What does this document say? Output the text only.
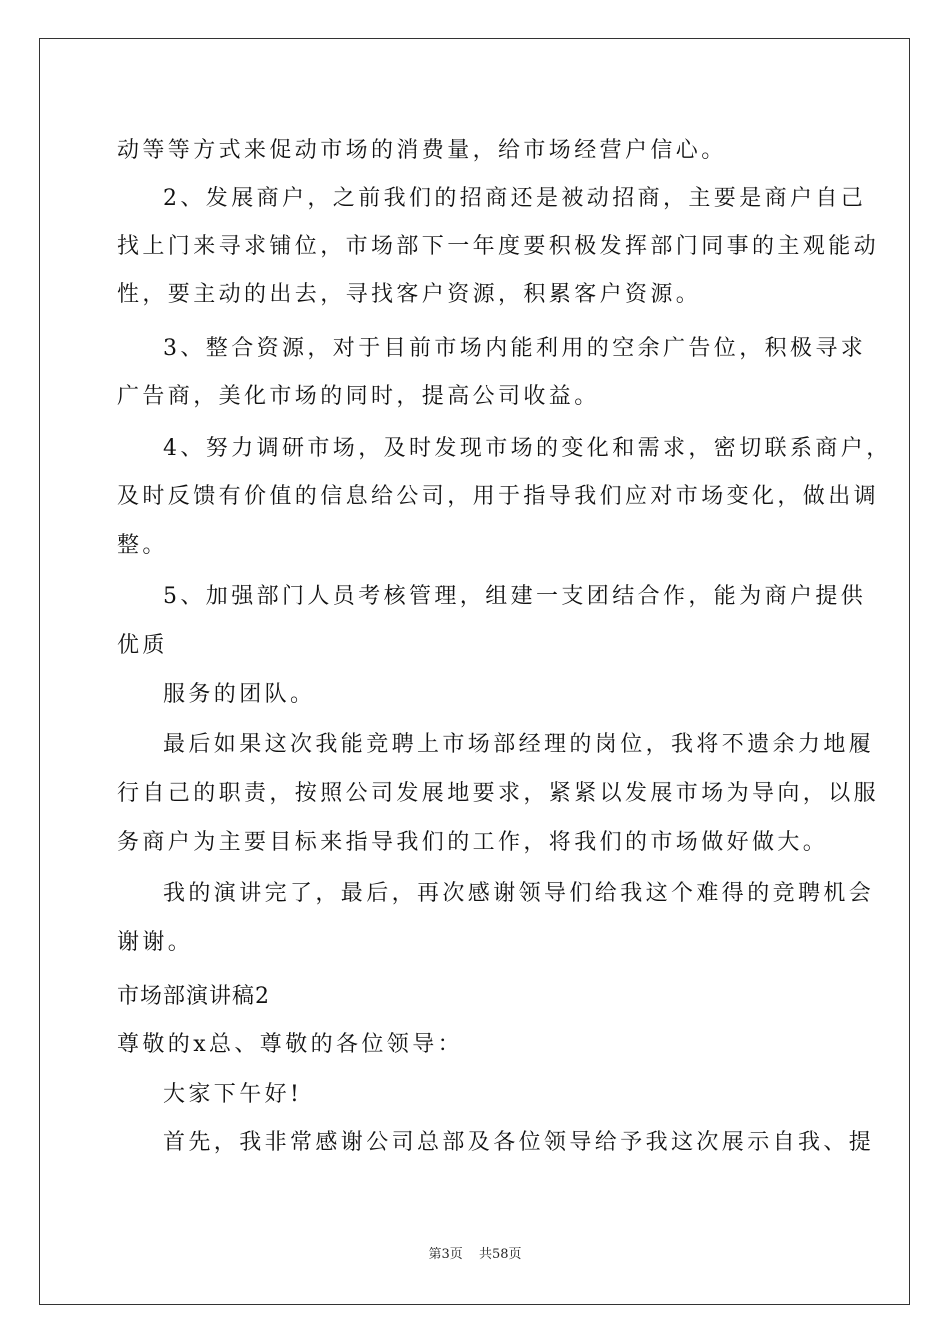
动等等方式来促动市场的消费量，给市场经营户信心。
2、发展商户，之前我们的招商还是被动招商，主要是商户自己
找上门来寻求铺位，市场部下一年度要积极发挥部门同事的主观能动
性，要主动的出去，寻找客户资源，积累客户资源。
3、整合资源，对于目前市场内能利用的空余广告位，积极寻求
广告商，美化市场的同时，提高公司收益。
4、努力调研市场，及时发现市场的变化和需求，密切联系商户，
及时反馈有价值的信息给公司，用于指导我们应对市场变化，做出调
整。
5、加强部门人员考核管理，组建一支团结合作，能为商户提供
优质
服务的团队。
最后如果这次我能竞聘上市场部经理的岗位，我将不遗余力地履
行自己的职责，按照公司发展地要求，紧紧以发展市场为导向，以服
务商户为主要目标来指导我们的工作，将我们的市场做好做大。
我的演讲完了，最后，再次感谢领导们给我这个难得的竞聘机会
谢谢。
市场部演讲稿2
尊敬的x总、尊敬的各位领导：
大家下午好!
首先，我非常感谢公司总部及各位领导给予我这次展示自我、提
第3页 共58页
